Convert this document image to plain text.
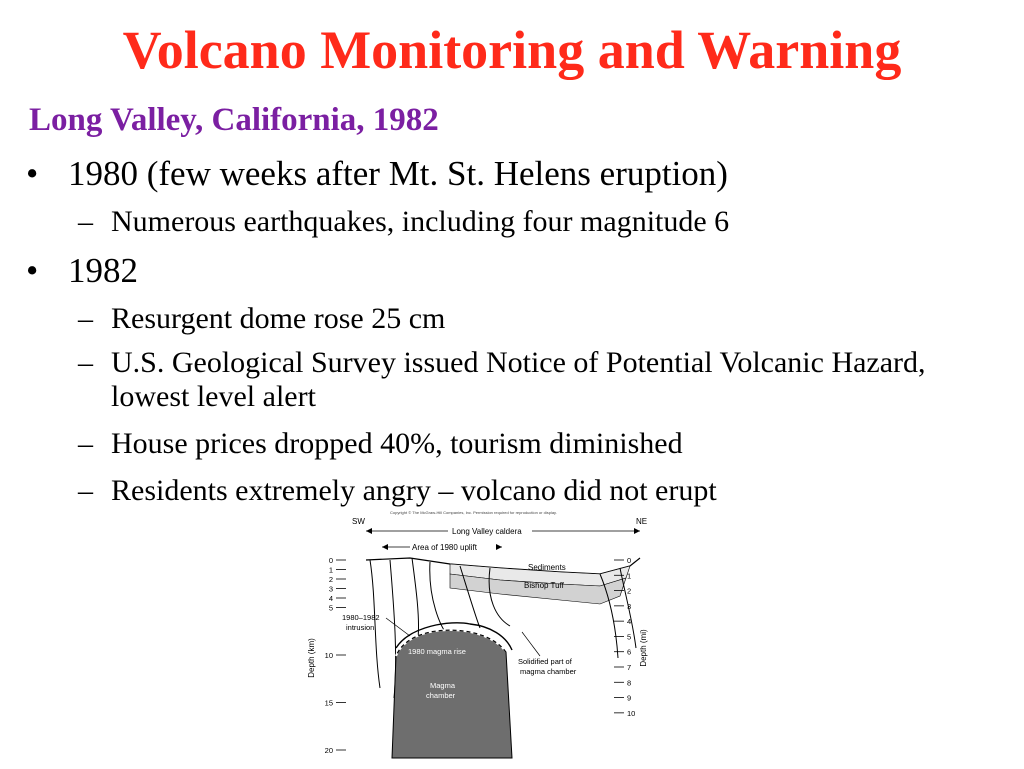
Volcano Monitoring and Warning
Long Valley, California, 1982
• 1980 (few weeks after Mt. St. Helens eruption)
– Numerous earthquakes, including four magnitude 6
• 1982
– Resurgent dome rose 25 cm
– U.S. Geological Survey issued Notice of Potential Volcanic Hazard, lowest level alert
– House prices dropped 40%, tourism diminished
– Residents extremely angry – volcano did not erupt
Copyright © The McGraw-Hill Companies, Inc. Permission required for reproduction or display.
SW	NE
Long Valley caldera
Area of 1980 uplift
Sediments
Bishop Tuff
1980 magma rise
Magma
chamber
1980–1982
intrusion
Solidified part of
magma chamber
Depth (km)	Depth (mi)
0
1
2
3
4
5
10
15
20
0
1
2
3
4
5
6
7
8
9
10
